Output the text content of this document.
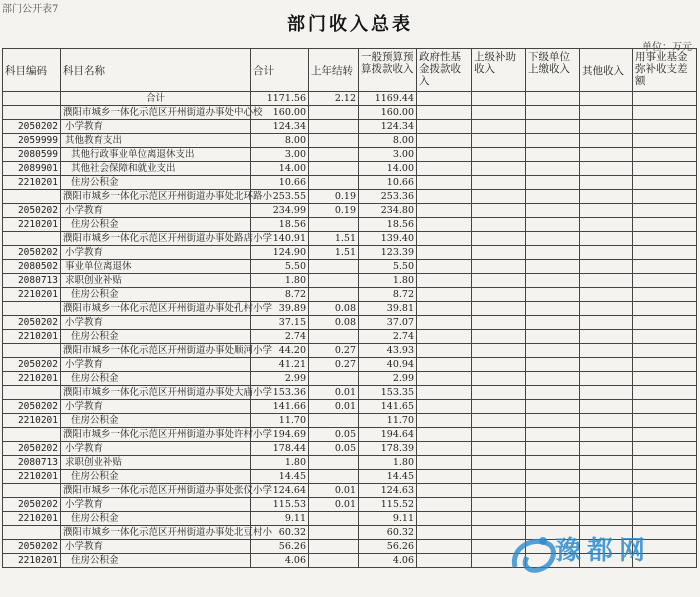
部门公开表7
部门收入总表
单位：万元
科目编码	科目名称	合计	上年结转	一般预算预算拨款收入	政府性基金拨款收入	上级补助收入	下级单位上缴收入	其他收入	用事业基金弥补收支差额
	合计	1171.56	2.12	1169.44					
	濮阳市城乡一体化示范区开州街道办事处中心校	160.00		160.00					
2050202	小学教育	124.34		124.34					
2059999	其他教育支出	8.00		8.00					
2080599	其他行政事业单位离退休支出	3.00		3.00					
2089901	其他社会保障和就业支出	14.00		14.00					
2210201	住房公积金	10.66		10.66					
	濮阳市城乡一体化示范区开州街道办事处北环路小	253.55	0.19	253.36					
2050202	小学教育	234.99	0.19	234.80					
2210201	住房公积金	18.56		18.56					
	濮阳市城乡一体化示范区开州街道办事处路店小学	140.91	1.51	139.40					
2050202	小学教育	124.90	1.51	123.39					
2080502	事业单位离退休	5.50		5.50					
2080713	求职创业补贴	1.80		1.80					
2210201	住房公积金	8.72		8.72					
	濮阳市城乡一体化示范区开州街道办事处孔村小学	39.89	0.08	39.81					
2050202	小学教育	37.15	0.08	37.07					
2210201	住房公积金	2.74		2.74					
	濮阳市城乡一体化示范区开州街道办事处顺河小学	44.20	0.27	43.93					
2050202	小学教育	41.21	0.27	40.94					
2210201	住房公积金	2.99		2.99					
	濮阳市城乡一体化示范区开州街道办事处大庙小学	153.36	0.01	153.35					
2050202	小学教育	141.66	0.01	141.65					
2210201	住房公积金	11.70		11.70					
	濮阳市城乡一体化示范区开州街道办事处许村小学	194.69	0.05	194.64					
2050202	小学教育	178.44	0.05	178.39					
2080713	求职创业补贴	1.80		1.80					
2210201	住房公积金	14.45		14.45					
	濮阳市城乡一体化示范区开州街道办事处张仪小学	124.64	0.01	124.63					
2050202	小学教育	115.53	0.01	115.52					
2210201	住房公积金	9.11		9.11					
	濮阳市城乡一体化示范区开州街道办事处北豆村小	60.32		60.32					
2050202	小学教育	56.26		56.26					
2210201	住房公积金	4.06		4.06						豫都网
